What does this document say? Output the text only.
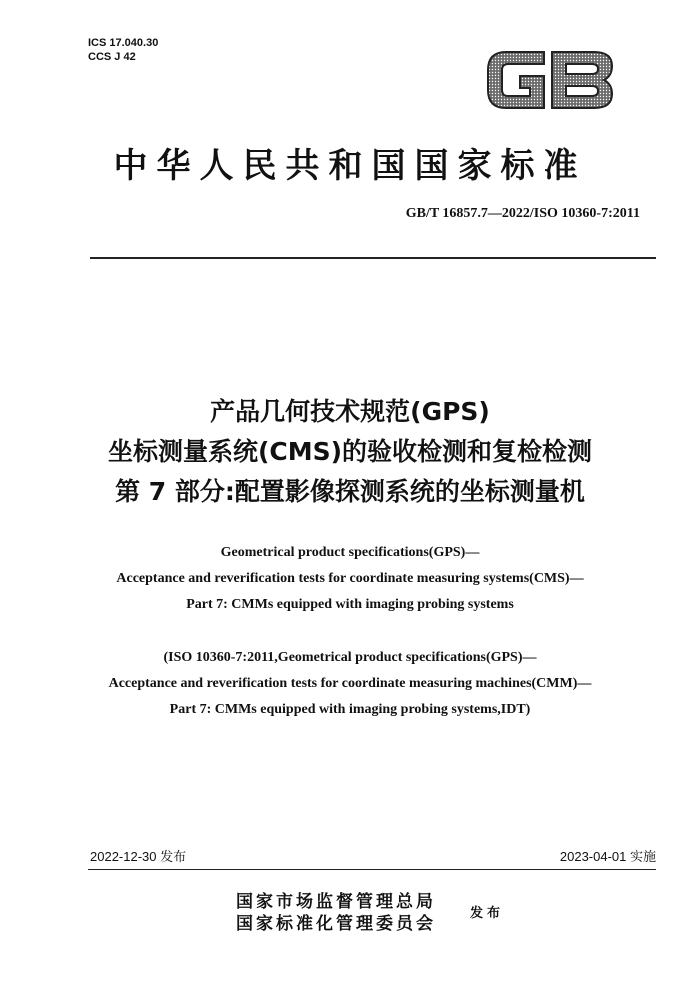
ICS 17.040.30
CCS J 42
GB
中华人民共和国国家标准
GB/T 16857.7—2022/ISO 10360-7:2011
产品几何技术规范(GPS)
坐标测量系统(CMS)的验收检测和复检检测
第 7 部分:配置影像探测系统的坐标测量机
Geometrical product specifications(GPS)—
Acceptance and reverification tests for coordinate measuring systems(CMS)—
Part 7: CMMs equipped with imaging probing systems
(ISO 10360-7:2011,Geometrical product specifications(GPS)—
Acceptance and reverification tests for coordinate measuring machines(CMM)—
Part 7: CMMs equipped with imaging probing systems,IDT)
2022-12-30 发布	2023-04-01 实施
国家市场监督管理总局
国家标准化管理委员会
发布
